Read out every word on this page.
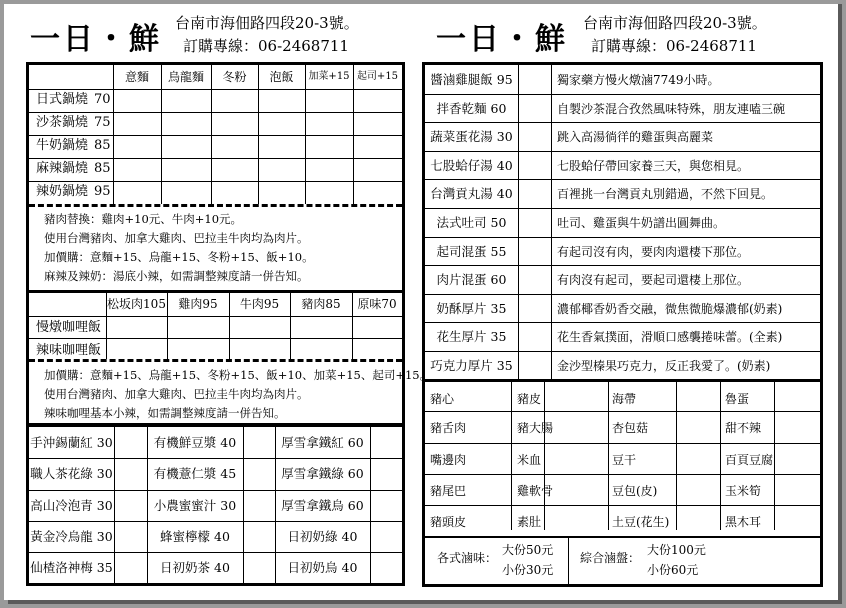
一日・鮮 台南市海佃路四段20-3號。
訂購專線：06-2468711	一日・鮮 台南市海佃路四段20-3號。
訂購專線：06-2468711
意麵	烏龍麵	冬粉	泡飯	加菜+15 起司+15
日式鍋燒 70
沙茶鍋燒 75
牛奶鍋燒 85
麻辣鍋燒 85
辣奶鍋燒 95
豬肉替換：雞肉+10元、牛肉+10元。
使用台灣豬肉、加拿大雞肉、巴拉圭牛肉均為肉片。
加價購：意麵+15、烏龍+15、冬粉+15、飯+10。
麻辣及辣奶：湯底小辣，如需調整辣度請一併告知。
松坂肉105	雞肉95	牛肉95	豬肉85	原味70
慢燉咖哩飯
辣味咖哩飯
加價購：意麵+15、烏龍+15、冬粉+15、飯+10、加菜+15、起司+15。
使用台灣豬肉、加拿大雞肉、巴拉圭牛肉均為肉片。
辣味咖哩基本小辣，如需調整辣度請一併告知。
手沖錫蘭紅 30	有機鮮豆漿 40	厚雪拿鐵紅 60
職人茶花綠 30	有機薏仁漿 45	厚雪拿鐵綠 60
高山冷泡青 30	小農蜜蜜汁 30	厚雪拿鐵烏 60
黃金冷烏龍 30	蜂蜜檸檬 40	日初奶綠 40
仙楂洛神梅 35	日初奶茶 40	日初奶烏 40
醬滷雞腿飯 95	獨家藥方慢火燉滷7749小時。
拌香乾麵 60	自製沙茶混合孜然風味特殊，朋友連嗑三碗
蔬菜蛋花湯 30	跳入高湯徜徉的雞蛋與高麗菜
七股蛤仔湯 40	七股蛤仔帶回家養三天，與您相見。
台灣貢丸湯 40	百裡挑一台灣貢丸別錯過，不然下回見。
法式吐司 50	吐司、雞蛋與牛奶譜出圓舞曲。
起司混蛋 55	有起司沒有肉，要肉肉還棲下那位。
肉片混蛋 60	有肉沒有起司，要起司還棲上那位。
奶酥厚片 35	濃郁椰香奶香交融，微焦微脆爆濃郁(奶素)
花生厚片 35	花生香氣撲面，滑順口感襲捲味蕾。(全素)
巧克力厚片 35	金沙型榛果巧克力，反正我愛了。(奶素)
豬心	豬皮	海帶	魯蛋
豬舌肉	豬大腸	杏包菇	甜不辣
嘴邊肉	米血	豆干	百頁豆腐
豬尾巴	雞軟骨	豆包(皮)	玉米筍
豬頭皮	素肚	土豆(花生)	黑木耳
各式滷味：
大份50元
小份30元
綜合滷盤：
大份100元
小份60元
